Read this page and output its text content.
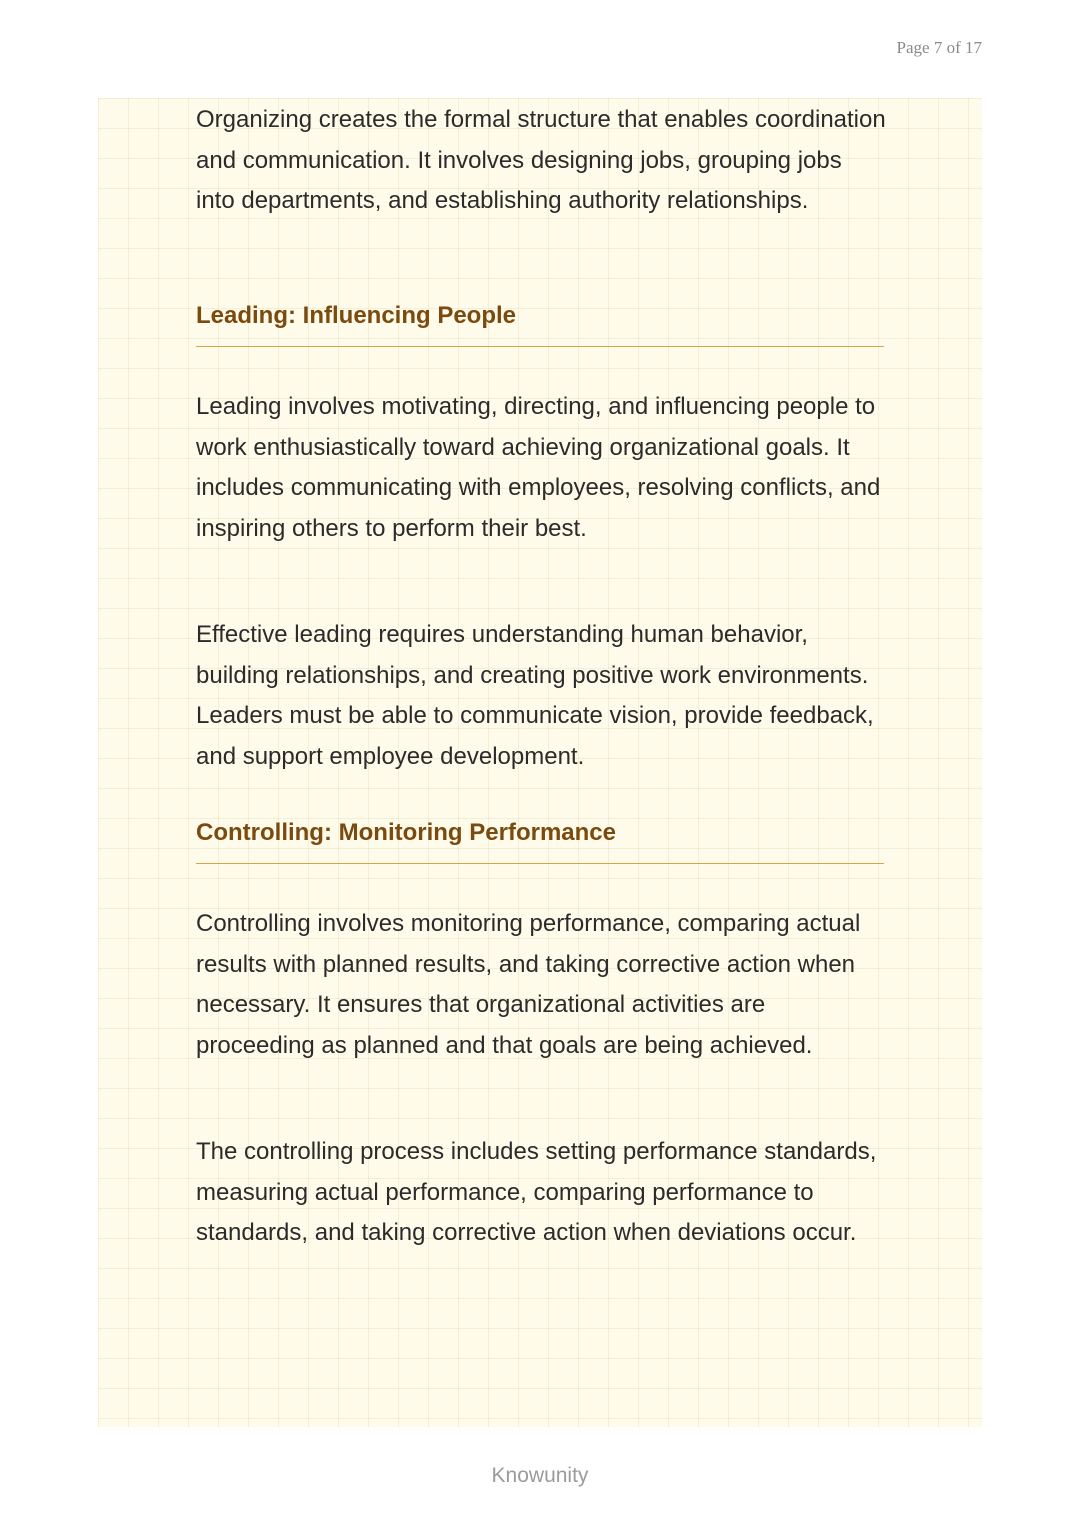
Page 7 of 17

Organizing creates the formal structure that enables coordination and communication. It involves designing jobs, grouping jobs into departments, and establishing authority relationships.

Leading: Influencing People

Leading involves motivating, directing, and influencing people to work enthusiastically toward achieving organizational goals. It includes communicating with employees, resolving conflicts, and inspiring others to perform their best.

Effective leading requires understanding human behavior, building relationships, and creating positive work environments. Leaders must be able to communicate vision, provide feedback, and support employee development.

Controlling: Monitoring Performance

Controlling involves monitoring performance, comparing actual results with planned results, and taking corrective action when necessary. It ensures that organizational activities are proceeding as planned and that goals are being achieved.

The controlling process includes setting performance standards, measuring actual performance, comparing performance to standards, and taking corrective action when deviations occur.

Knowunity
